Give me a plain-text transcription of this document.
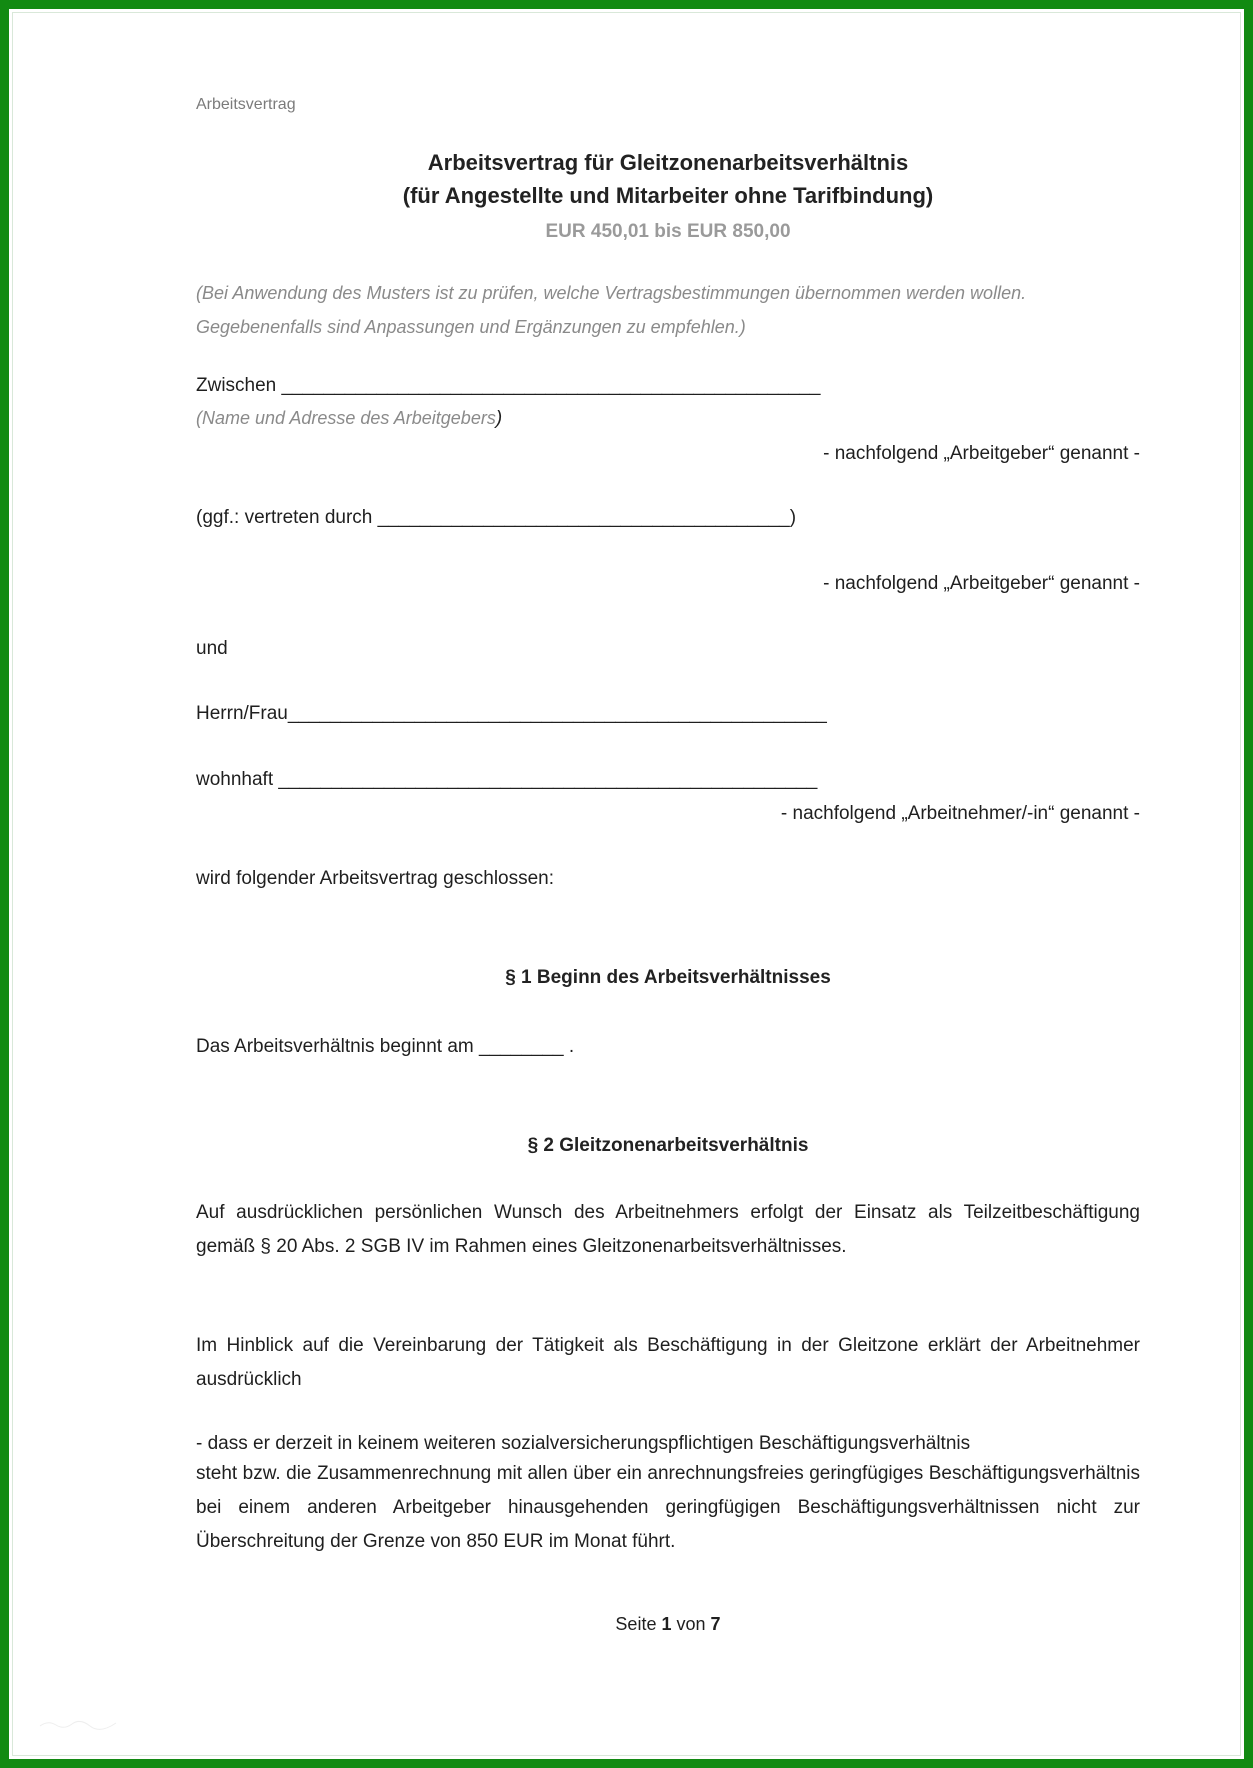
Arbeitsvertrag
Arbeitsvertrag für Gleitzonenarbeitsverhältnis
(für Angestellte und Mitarbeiter ohne Tarifbindung)
EUR 450,01 bis EUR 850,00
(Bei Anwendung des Musters ist zu prüfen, welche Vertragsbestimmungen übernommen werden wollen. Gegebenenfalls sind Anpassungen und Ergänzungen zu empfehlen.)
Zwischen ___________________________________________________
(Name und Adresse des Arbeitgebers)
- nachfolgend „Arbeitgeber“ genannt -
(ggf.: vertreten durch _______________________________________)
- nachfolgend „Arbeitgeber“ genannt -
und
Herrn/Frau___________________________________________________
wohnhaft ___________________________________________________
- nachfolgend „Arbeitnehmer/-in“ genannt -
wird folgender Arbeitsvertrag geschlossen:
§ 1 Beginn des Arbeitsverhältnisses
Das Arbeitsverhältnis beginnt am ________ .
§ 2 Gleitzonenarbeitsverhältnis
Auf ausdrücklichen persönlichen Wunsch des Arbeitnehmers erfolgt der Einsatz als Teilzeitbeschäftigung gemäß § 20 Abs. 2 SGB IV im Rahmen eines Gleitzonenarbeitsverhältnisses.
Im Hinblick auf die Vereinbarung der Tätigkeit als Beschäftigung in der Gleitzone erklärt der Arbeitnehmer ausdrücklich
- dass er derzeit in keinem weiteren sozialversicherungspflichtigen Beschäftigungsverhältnis
steht bzw. die Zusammenrechnung mit allen über ein anrechnungsfreies geringfügiges Beschäftigungsverhältnis bei einem anderen Arbeitgeber hinausgehenden geringfügigen Beschäftigungsverhältnissen nicht zur Überschreitung der Grenze von 850 EUR im Monat führt.
Seite 1 von 7
